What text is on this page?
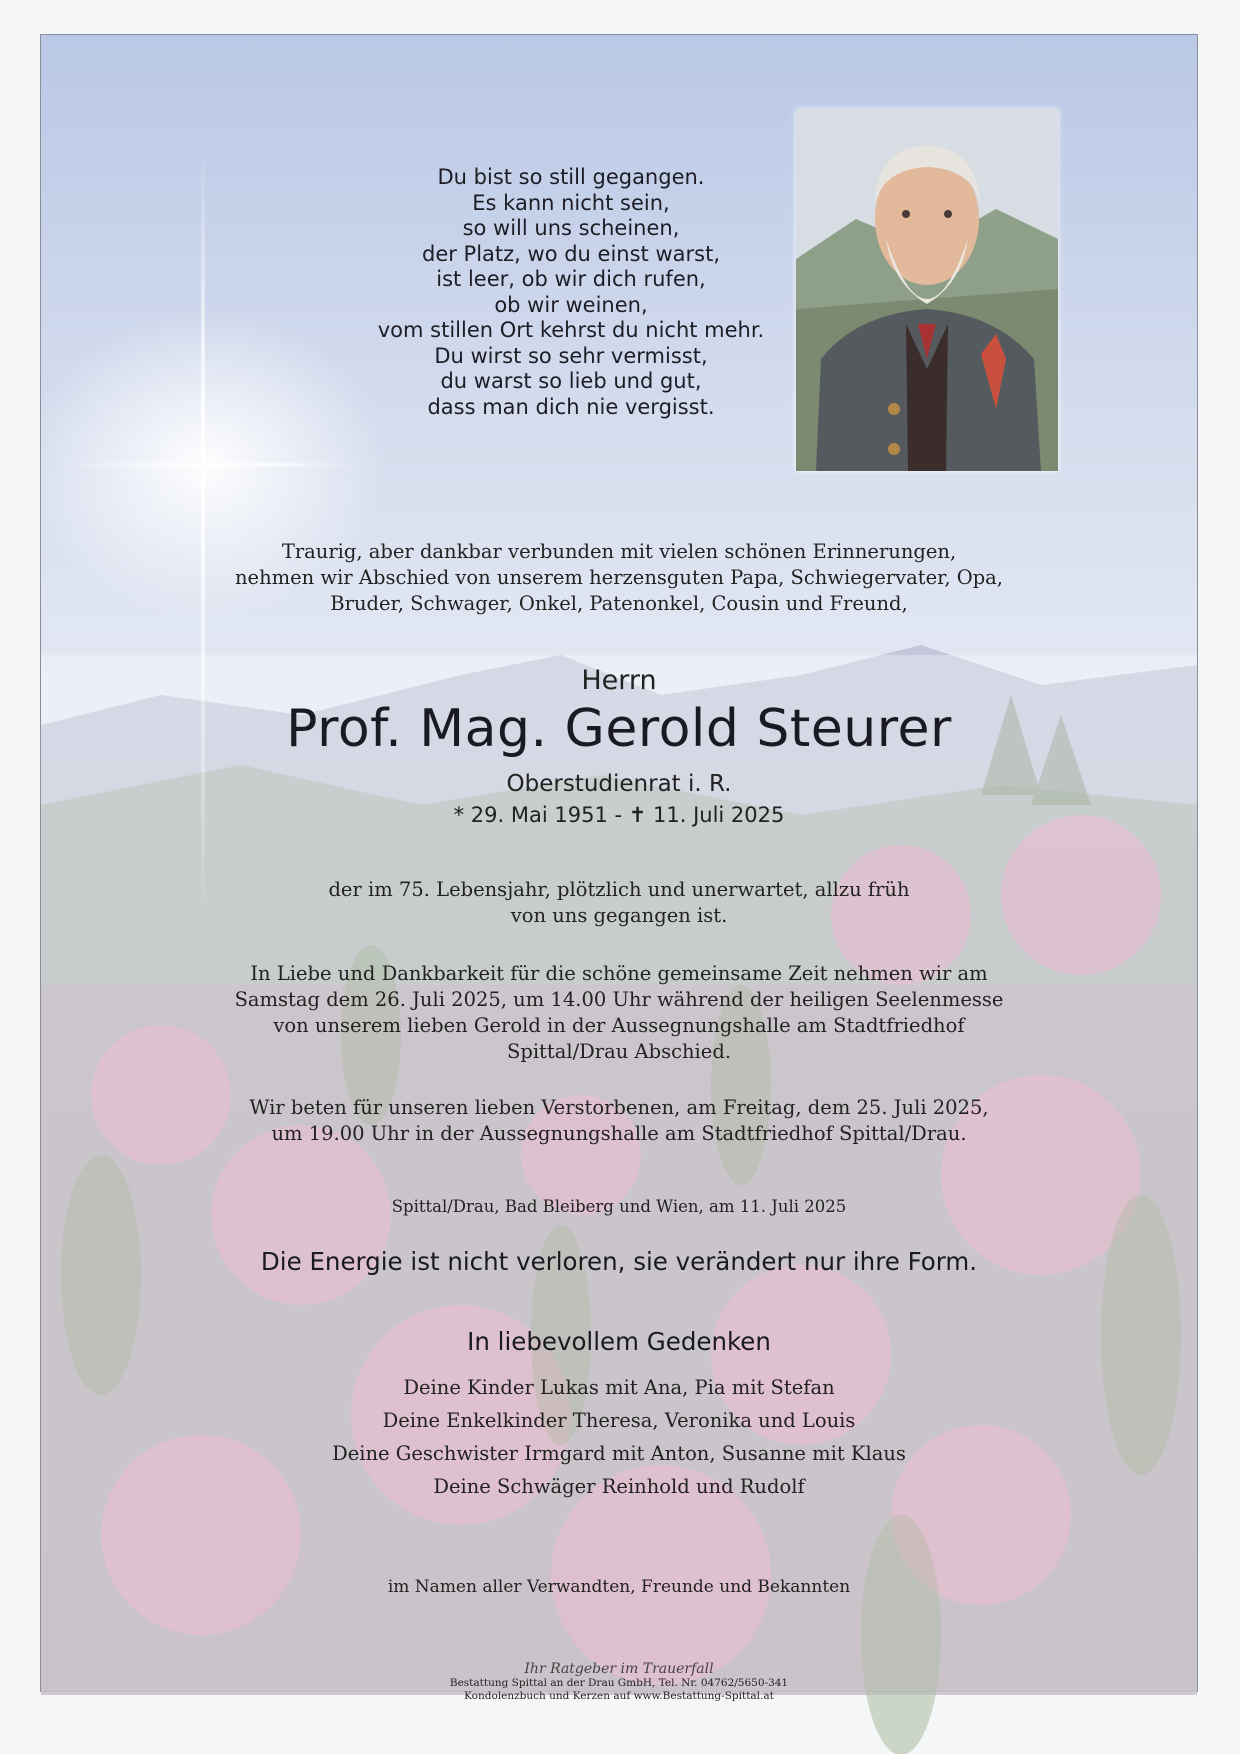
Du bist so still gegangen.
Es kann nicht sein,
so will uns scheinen,
der Platz, wo du einst warst,
ist leer, ob wir dich rufen,
ob wir weinen,
vom stillen Ort kehrst du nicht mehr.
Du wirst so sehr vermisst,
du warst so lieb und gut,
dass man dich nie vergisst.
Traurig, aber dankbar verbunden mit vielen schönen Erinnerungen,
nehmen wir Abschied von unserem herzensguten Papa, Schwiegervater, Opa,
Bruder, Schwager, Onkel, Patenonkel, Cousin und Freund,
Herrn
Prof. Mag. Gerold Steurer
Oberstudienrat i. R.
* 29. Mai 1951 - ✝ 11. Juli 2025
der im 75. Lebensjahr, plötzlich und unerwartet, allzu früh
von uns gegangen ist.
In Liebe und Dankbarkeit für die schöne gemeinsame Zeit nehmen wir am
Samstag dem 26. Juli 2025, um 14.00 Uhr während der heiligen Seelenmesse
von unserem lieben Gerold in der Aussegnungshalle am Stadtfriedhof
Spittal/Drau Abschied.
Wir beten für unseren lieben Verstorbenen, am Freitag, dem 25. Juli 2025,
um 19.00 Uhr in der Aussegnungshalle am Stadtfriedhof Spittal/Drau.
Spittal/Drau, Bad Bleiberg und Wien, am 11. Juli 2025
Die Energie ist nicht verloren, sie verändert nur ihre Form.
In liebevollem Gedenken
Deine Kinder Lukas mit Ana, Pia mit Stefan
Deine Enkelkinder Theresa, Veronika und Louis
Deine Geschwister Irmgard mit Anton, Susanne mit Klaus
Deine Schwäger Reinhold und Rudolf
im Namen aller Verwandten, Freunde und Bekannten
Ihr Ratgeber im Trauerfall
Bestattung Spittal an der Drau GmbH, Tel. Nr. 04762/5650-341
Kondolenzbuch und Kerzen auf www.Bestattung-Spittal.at
